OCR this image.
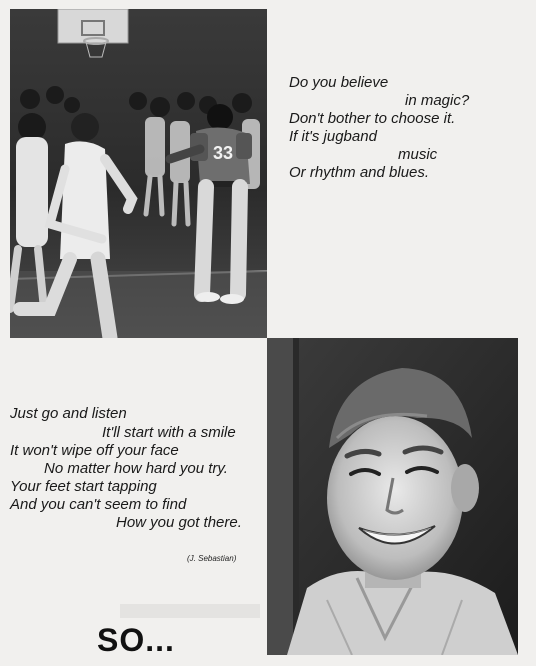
33
Do you believe
in magic?
Don't bother to choose it.
If it's jugband
music
Or rhythm and blues.
Just go and listen
It'll start with a smile
It won't wipe off your face
No matter how hard you try.
Your feet start tapping
And you can't seem to find
How you got there.
(J. Sebastian)
SO...
